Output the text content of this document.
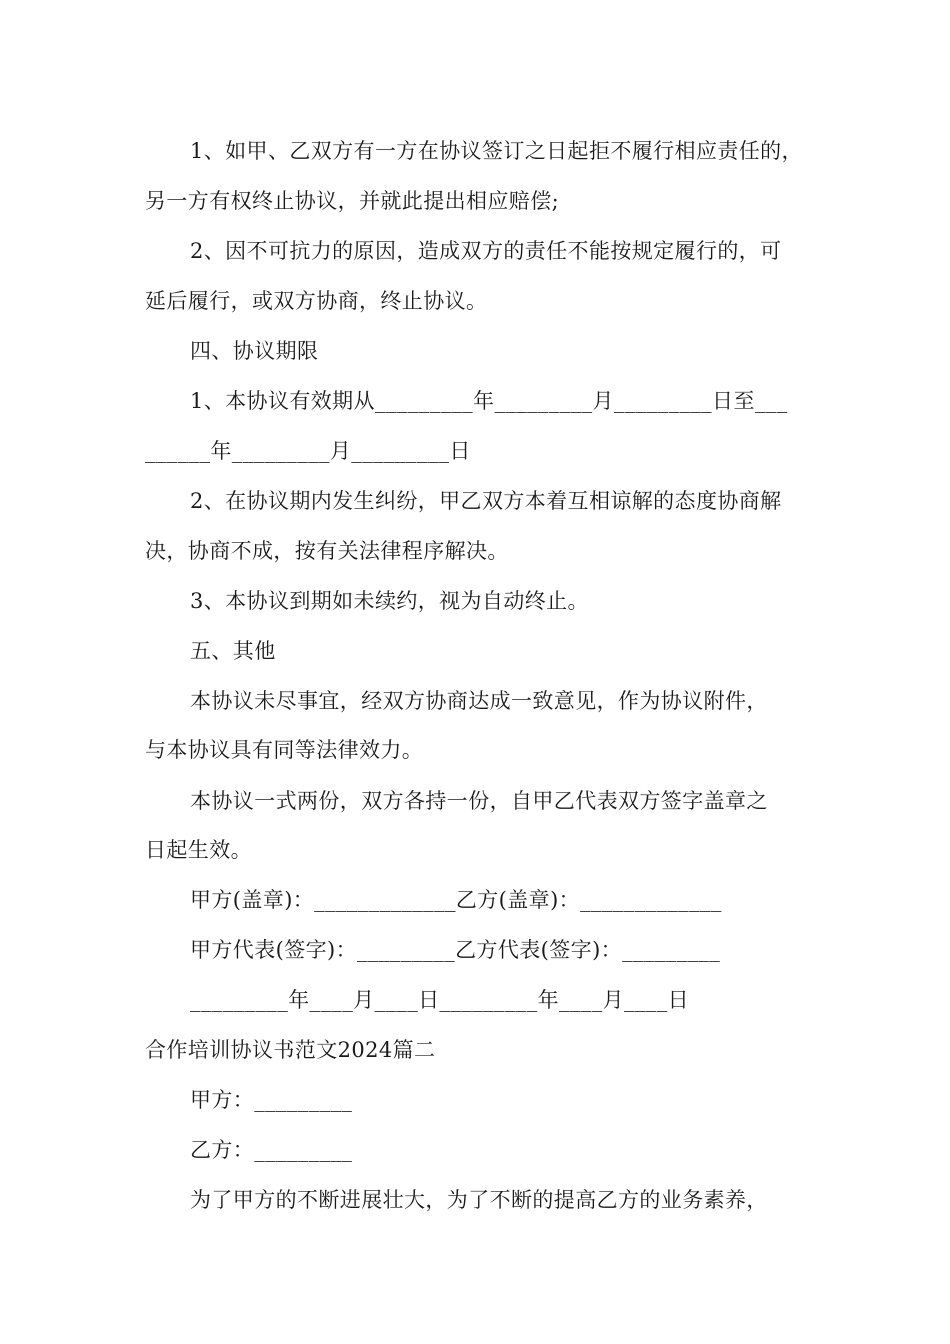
1、如甲、乙双方有一方在协议签订之日起拒不履行相应责任的，
另一方有权终止协议，并就此提出相应赔偿;
2、因不可抗力的原因，造成双方的责任不能按规定履行的，可
延后履行，或双方协商，终止协议。
四、协议期限
1、本协议有效期从_________年_________月_________日至___
______年_________月_________日
2、在协议期内发生纠纷，甲乙双方本着互相谅解的态度协商解
决，协商不成，按有关法律程序解决。
3、本协议到期如未续约，视为自动终止。
五、其他
本协议未尽事宜，经双方协商达成一致意见，作为协议附件，
与本协议具有同等法律效力。
本协议一式两份，双方各持一份，自甲乙代表双方签字盖章之
日起生效。
甲方(盖章)：_____________乙方(盖章)：_____________
甲方代表(签字)：_________乙方代表(签字)：_________
_________年____月____日_________年____月____日
合作培训协议书范文2024篇二
甲方：_________
乙方：_________
为了甲方的不断进展壮大，为了不断的提高乙方的业务素养，
